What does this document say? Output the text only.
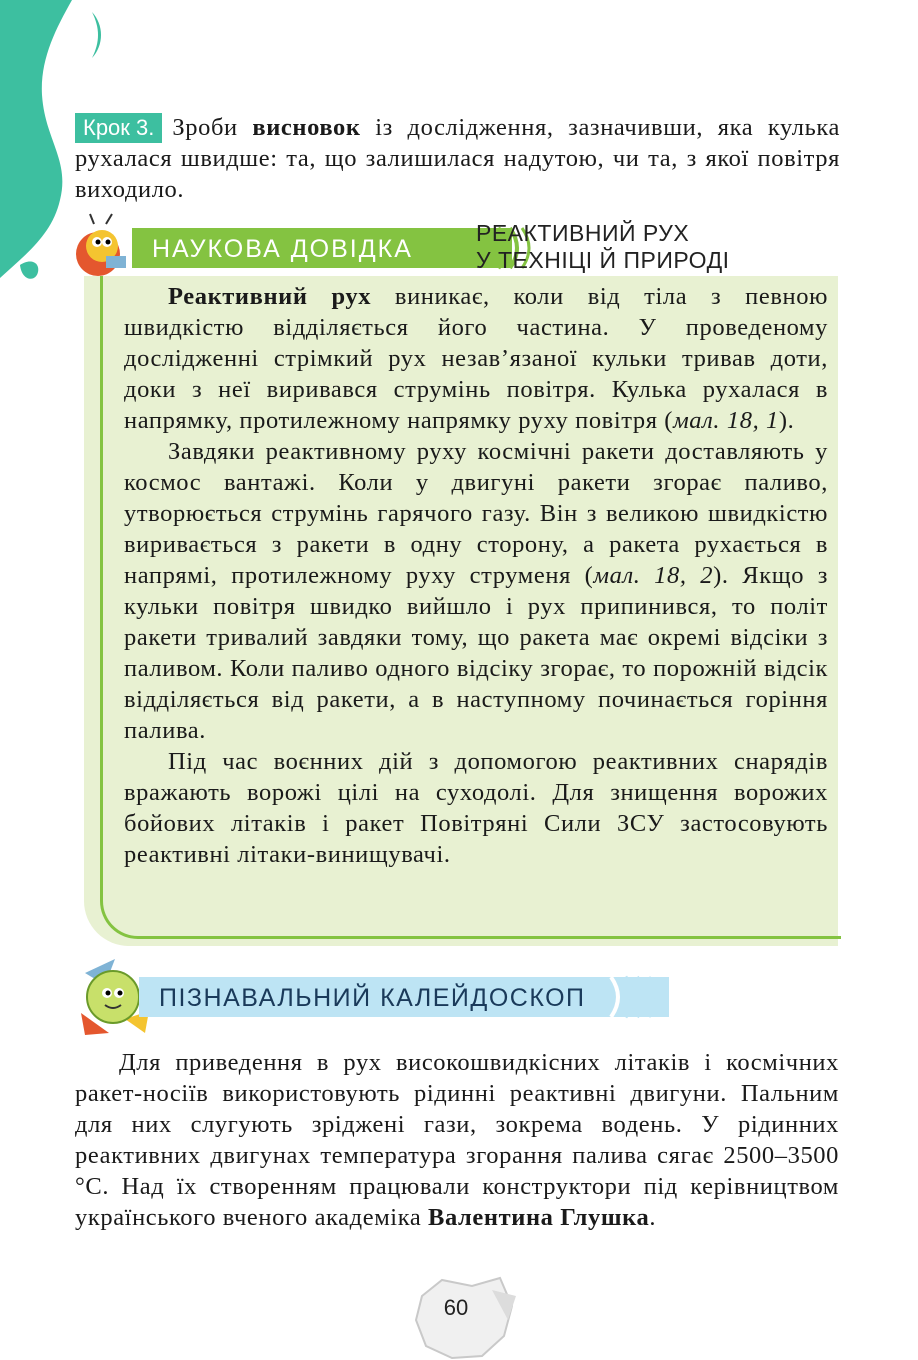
Крок 3. Зроби висновок із дослідження, зазначивши, яка кулька рухалася швидше: та, що залишилася надутою, чи та, з якої повітря виходило.
НАУКОВА ДОВІДКА
РЕАКТИВНИЙ РУХ
У ТЕХНІЦІ Й ПРИРОДІ

Реактивний рух виникає, коли від тіла з певною швидкістю відділяється його частина. У проведеному дослідженні стрімкий рух незав’язаної кульки тривав доти, доки з неї виривався струмінь повітря. Кулька рухалася в напрямку, протилежному напрямку руху повітря (мал. 18, 1).

Завдяки реактивному руху космічні ракети доставляють у космос вантажі. Коли у двигуні ракети згорає паливо, утворюється струмінь гарячого газу. Він з великою швидкістю виривається з ракети в одну сторону, а ракета рухається в напрямі, протилежному руху струменя (мал. 18, 2). Якщо з кульки повітря швидко вийшло і рух припинився, то політ ракети тривалий завдяки тому, що ракета має окремі відсіки з паливом. Коли паливо одного відсіку згорає, то порожній відсік відділяється від ракети, а в наступному починається горіння палива.

Під час воєнних дій з допомогою реактивних снарядів вражають ворожі цілі на суходолі. Для знищення ворожих бойових літаків і ракет Повітряні Сили ЗСУ застосовують реактивні літаки-винищувачі.

ПІЗНАВАЛЬНИЙ КАЛЕЙДОСКОП

Для приведення в рух високошвидкісних літаків і космічних ракет-носіїв використовують рідинні реактивні двигуни. Пальним для них слугують зріджені гази, зокрема водень. У рідинних реактивних двигунах температура згорання палива сягає 2500–3500 °С. Над їх створенням працювали конструктори під керівництвом українського вченого академіка Валентина Глушка.

60
